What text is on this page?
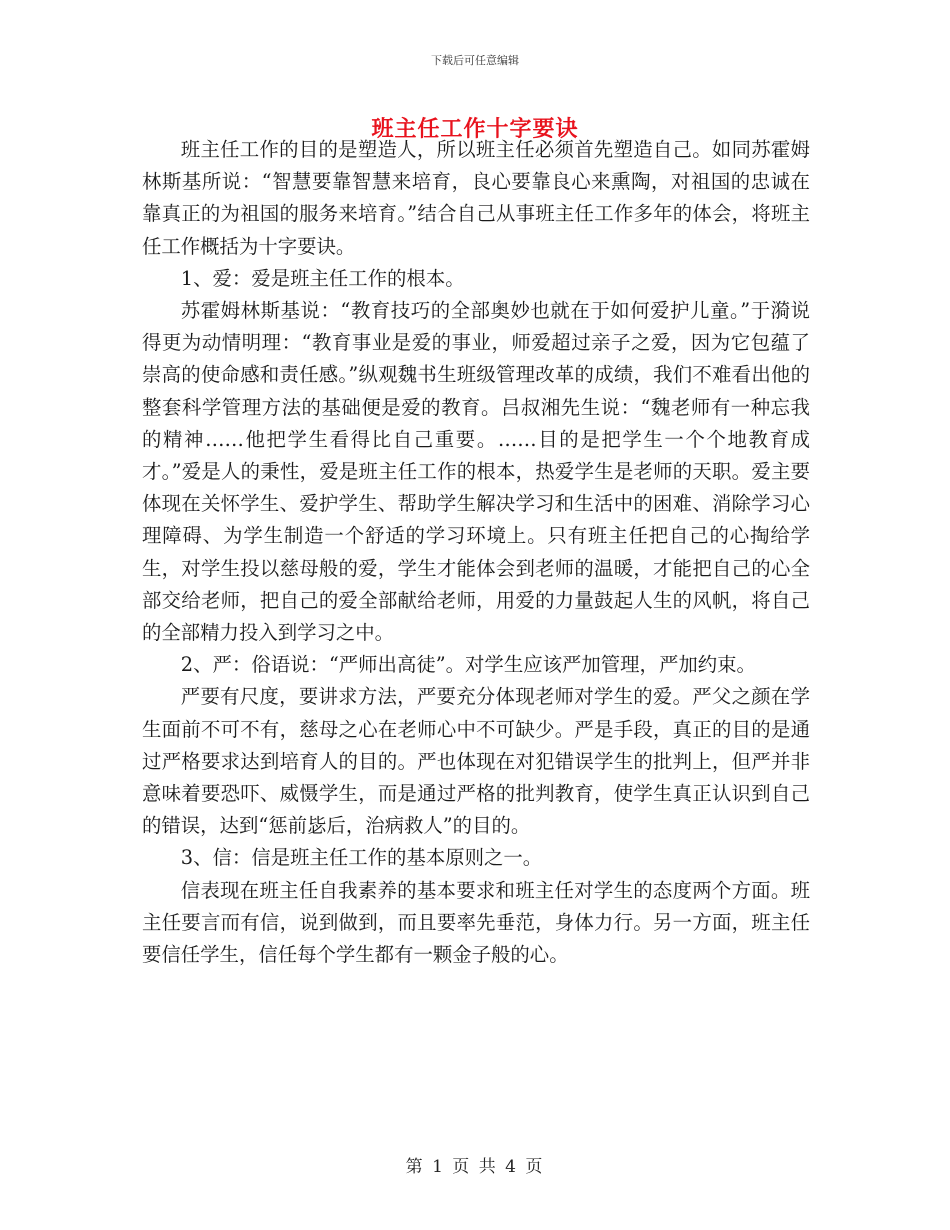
下载后可任意编辑
班主任工作十字要诀

班主任工作的目的是塑造人，所以班主任必须首先塑造自己。如同苏霍姆林斯基所说：“智慧要靠智慧来培育，良心要靠良心来熏陶，对祖国的忠诚在靠真正的为祖国的服务来培育。”结合自己从事班主任工作多年的体会，将班主任工作概括为十字要诀。

1、爱：爱是班主任工作的根本。

苏霍姆林斯基说：“教育技巧的全部奥妙也就在于如何爱护儿童。”于漪说得更为动情明理：“教育事业是爱的事业，师爱超过亲子之爱，因为它包蕴了崇高的使命感和责任感。”纵观魏书生班级管理改革的成绩，我们不难看出他的整套科学管理方法的基础便是爱的教育。吕叔湘先生说：“魏老师有一种忘我的精神……他把学生看得比自己重要。……目的是把学生一个个地教育成才。”爱是人的秉性，爱是班主任工作的根本，热爱学生是老师的天职。爱主要体现在关怀学生、爱护学生、帮助学生解决学习和生活中的困难、消除学习心理障碍、为学生制造一个舒适的学习环境上。只有班主任把自己的心掏给学生，对学生投以慈母般的爱，学生才能体会到老师的温暖，才能把自己的心全部交给老师，把自己的爱全部献给老师，用爱的力量鼓起人生的风帆，将自己的全部精力投入到学习之中。

2、严：俗语说：“严师出高徒”。对学生应该严加管理，严加约束。

严要有尺度，要讲求方法，严要充分体现老师对学生的爱。严父之颜在学生面前不可不有，慈母之心在老师心中不可缺少。严是手段，真正的目的是通过严格要求达到培育人的目的。严也体现在对犯错误学生的批判上，但严并非意味着要恐吓、威慑学生，而是通过严格的批判教育，使学生真正认识到自己的错误，达到“惩前毖后，治病救人”的目的。

3、信：信是班主任工作的基本原则之一。

信表现在班主任自我素养的基本要求和班主任对学生的态度两个方面。班主任要言而有信，说到做到，而且要率先垂范，身体力行。另一方面，班主任要信任学生，信任每个学生都有一颗金子般的心。

第 1 页 共 4 页
